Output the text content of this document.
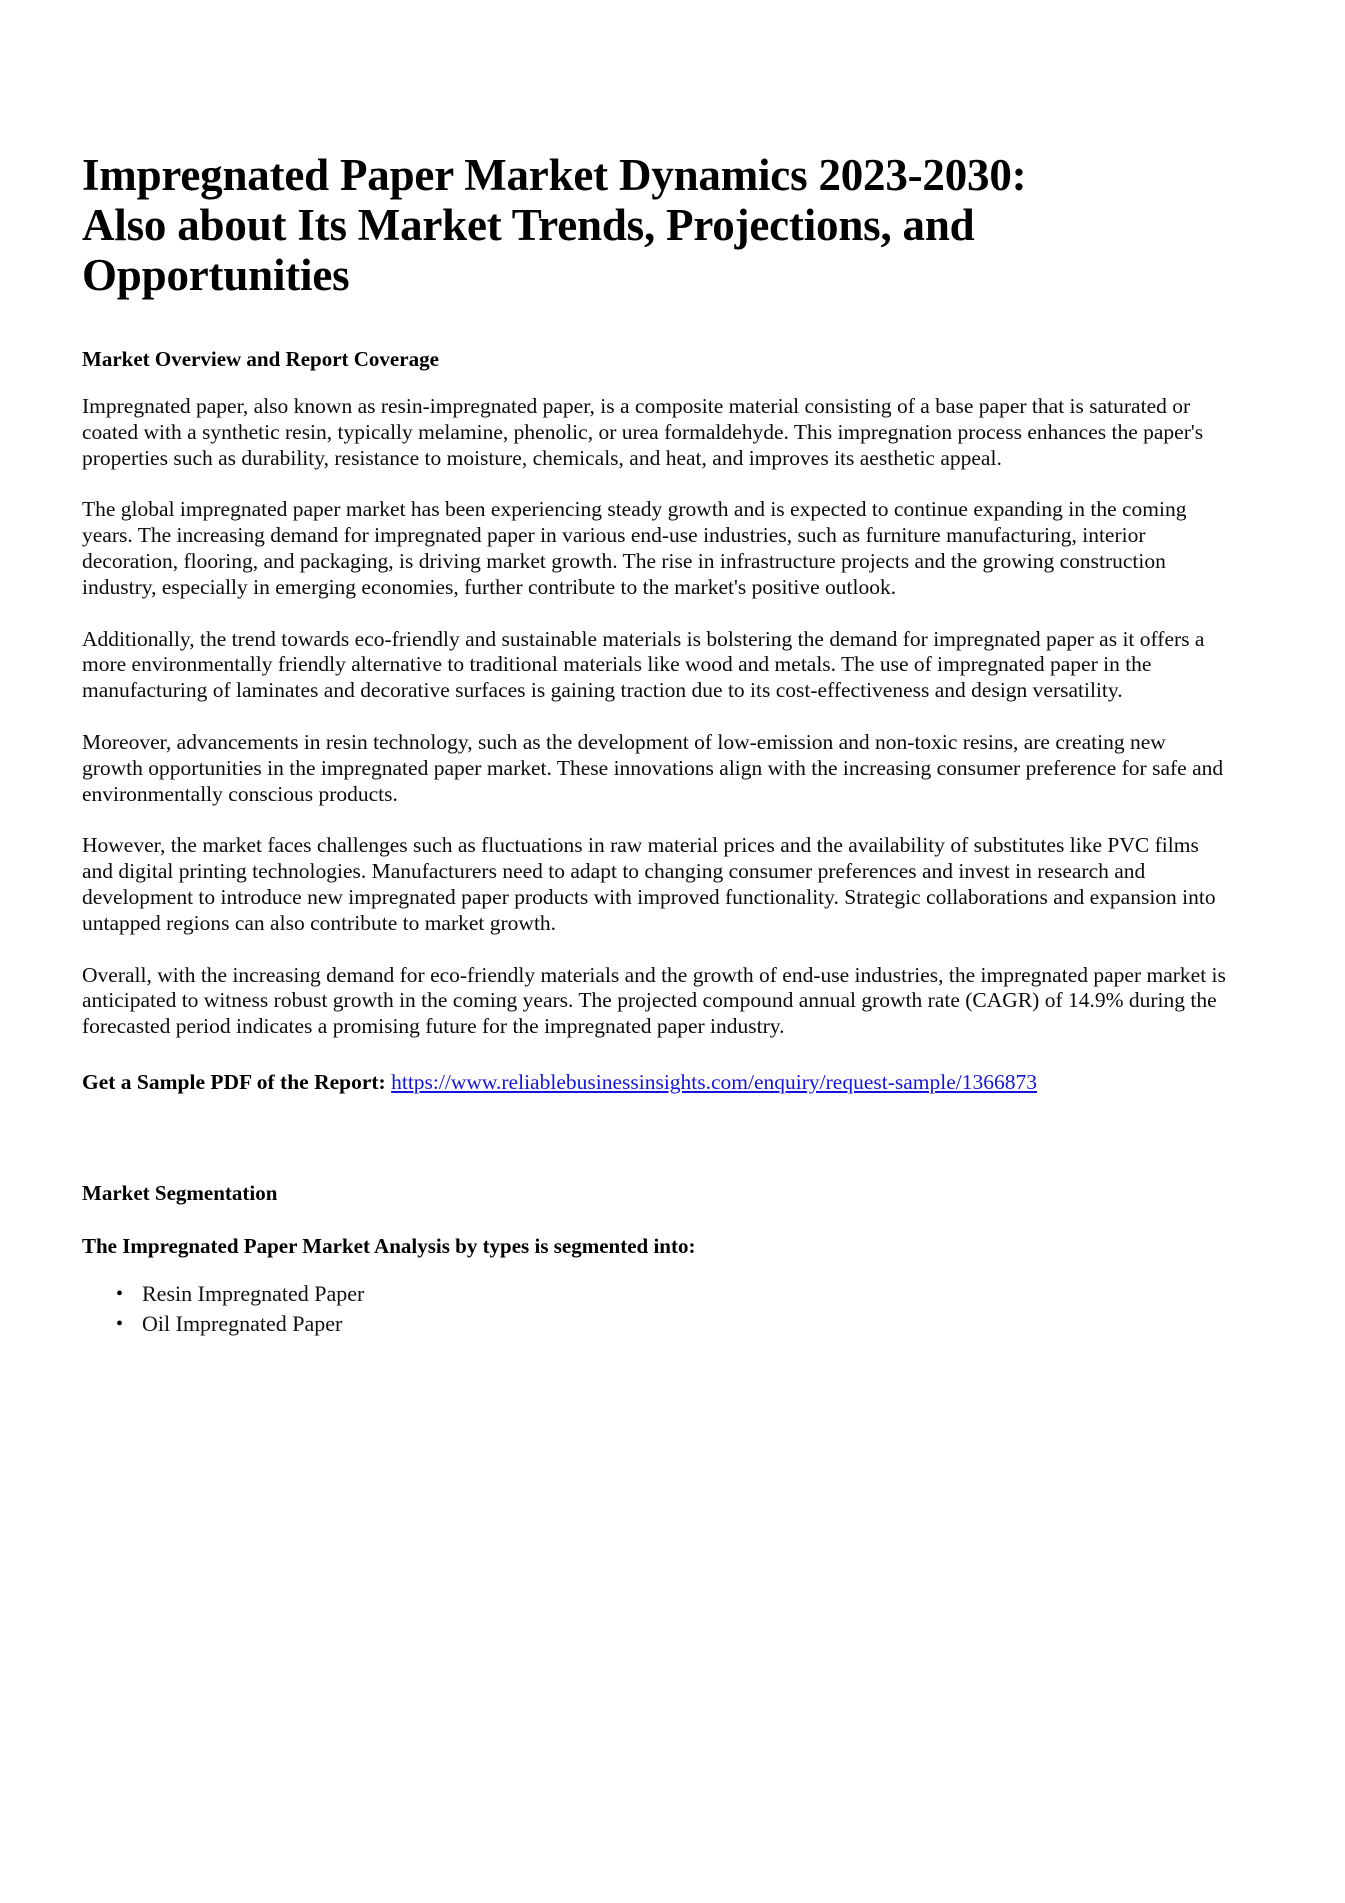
Impregnated Paper Market Dynamics 2023-2030: Also about Its Market Trends, Projections, and Opportunities
Market Overview and Report Coverage

Impregnated paper, also known as resin-impregnated paper, is a composite material consisting of a base paper that is saturated or coated with a synthetic resin, typically melamine, phenolic, or urea formaldehyde. This impregnation process enhances the paper's properties such as durability, resistance to moisture, chemicals, and heat, and improves its aesthetic appeal.

The global impregnated paper market has been experiencing steady growth and is expected to continue expanding in the coming years. The increasing demand for impregnated paper in various end-use industries, such as furniture manufacturing, interior decoration, flooring, and packaging, is driving market growth. The rise in infrastructure projects and the growing construction industry, especially in emerging economies, further contribute to the market's positive outlook.

Additionally, the trend towards eco-friendly and sustainable materials is bolstering the demand for impregnated paper as it offers a more environmentally friendly alternative to traditional materials like wood and metals. The use of impregnated paper in the manufacturing of laminates and decorative surfaces is gaining traction due to its cost-effectiveness and design versatility.

Moreover, advancements in resin technology, such as the development of low-emission and non-toxic resins, are creating new growth opportunities in the impregnated paper market. These innovations align with the increasing consumer preference for safe and environmentally conscious products.

However, the market faces challenges such as fluctuations in raw material prices and the availability of substitutes like PVC films and digital printing technologies. Manufacturers need to adapt to changing consumer preferences and invest in research and development to introduce new impregnated paper products with improved functionality. Strategic collaborations and expansion into untapped regions can also contribute to market growth.

Overall, with the increasing demand for eco-friendly materials and the growth of end-use industries, the impregnated paper market is anticipated to witness robust growth in the coming years. The projected compound annual growth rate (CAGR) of 14.9% during the forecasted period indicates a promising future for the impregnated paper industry.

Get a Sample PDF of the Report: https://www.reliablebusinessinsights.com/enquiry/request-sample/1366873

Market Segmentation
The Impregnated Paper Market Analysis by types is segmented into:
• Resin Impregnated Paper
• Oil Impregnated Paper
